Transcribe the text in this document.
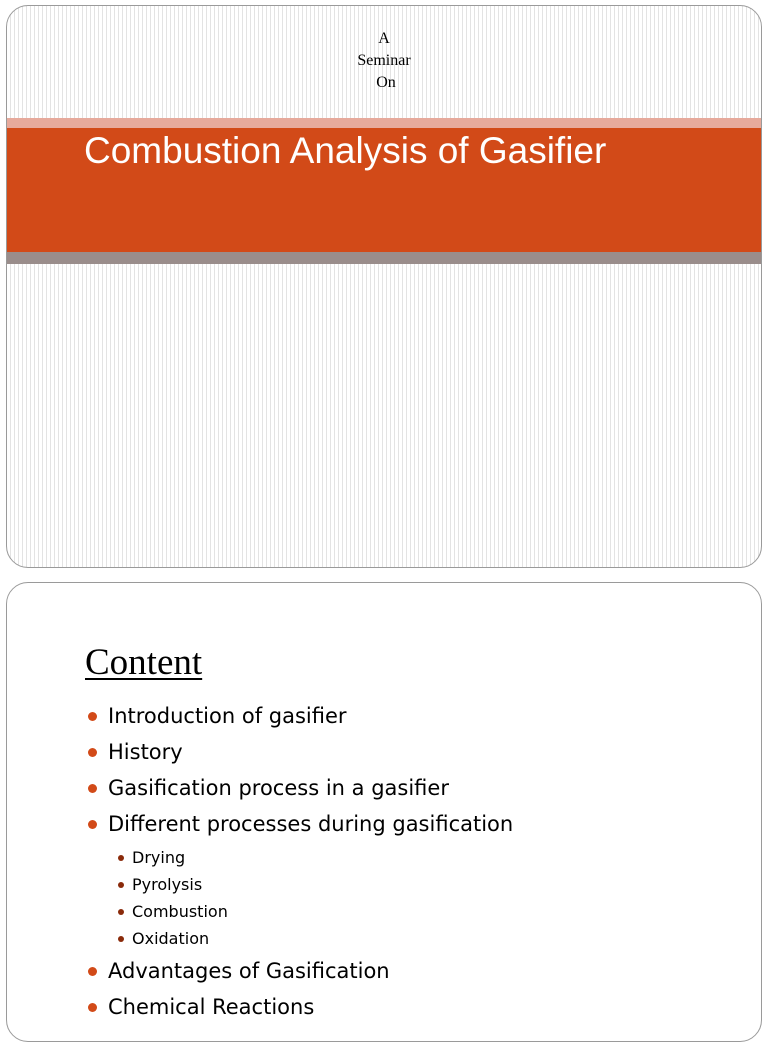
A
Seminar
On
Combustion Analysis of Gasifier
Content
Introduction of gasifier
History
Gasification process in a gasifier
Different processes during gasification
Drying
Pyrolysis
Combustion
Oxidation
Advantages of Gasification
Chemical Reactions
